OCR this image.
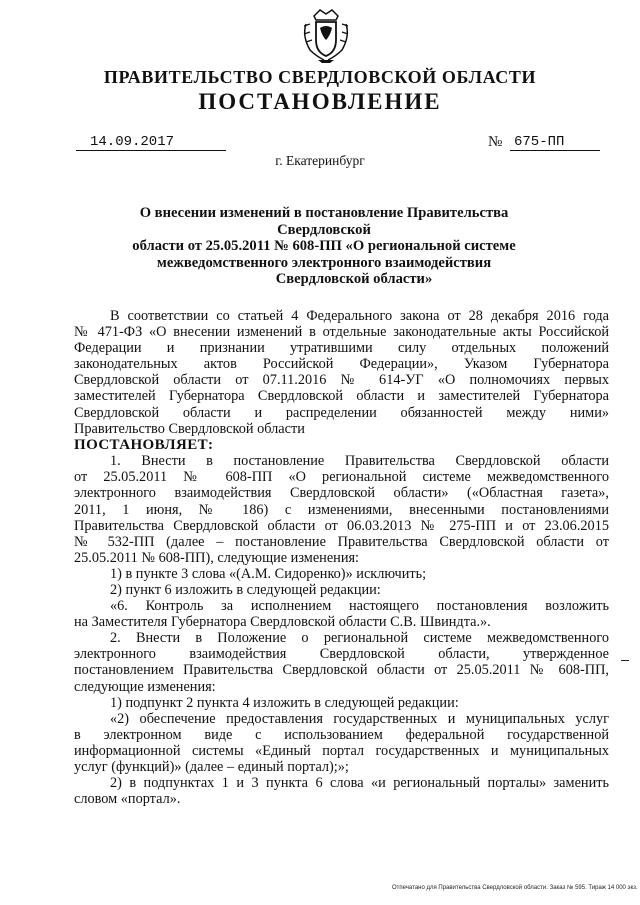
ПРАВИТЕЛЬСТВО СВЕРДЛОВСКОЙ ОБЛАСТИ
ПОСТАНОВЛЕНИЕ
14.09.2017	№ 675-ПП
г. Екатеринбург
О внесении изменений в постановление Правительства Свердловской
области от 25.05.2011 № 608-ПП «О региональной системе
межведомственного электронного взаимодействия
Свердловской области»
В соответствии со статьей 4 Федерального закона от 28 декабря 2016 года
№ 471-ФЗ «О внесении изменений в отдельные законодательные акты Российской
Федерации и признании утратившими силу отдельных положений
законодательных актов Российской Федерации», Указом Губернатора
Свердловской области от 07.11.2016 № 614-УГ «О полномочиях первых
заместителей Губернатора Свердловской области и заместителей Губернатора
Свердловской области и распределении обязанностей между ними»
Правительство Свердловской области
ПОСТАНОВЛЯЕТ:
1. Внести в постановление Правительства Свердловской области
от 25.05.2011 № 608-ПП «О региональной системе межведомственного
электронного взаимодействия Свердловской области» («Областная газета»,
2011, 1 июня, № 186) с изменениями, внесенными постановлениями
Правительства Свердловской области от 06.03.2013 № 275-ПП и от 23.06.2015
№ 532-ПП (далее – постановление Правительства Свердловской области от
25.05.2011 № 608-ПП), следующие изменения:
1) в пункте 3 слова «(А.М. Сидоренко)» исключить;
2) пункт 6 изложить в следующей редакции:
«6. Контроль за исполнением настоящего постановления возложить
на Заместителя Губернатора Свердловской области С.В. Швиндта.».
2. Внести в Положение о региональной системе межведомственного
электронного взаимодействия Свердловской области, утвержденное
постановлением Правительства Свердловской области от 25.05.2011 № 608-ПП,
следующие изменения:
1) подпункт 2 пункта 4 изложить в следующей редакции:
«2) обеспечение предоставления государственных и муниципальных услуг
в электронном виде с использованием федеральной государственной
информационной системы «Единый портал государственных и муниципальных
услуг (функций)» (далее – единый портал);»;
2) в подпунктах 1 и 3 пункта 6 слова «и региональный порталы» заменить
словом «портал».
Отпечатано для Правительства Свердловской области. Заказ № 595. Тираж 14 000 экз.
